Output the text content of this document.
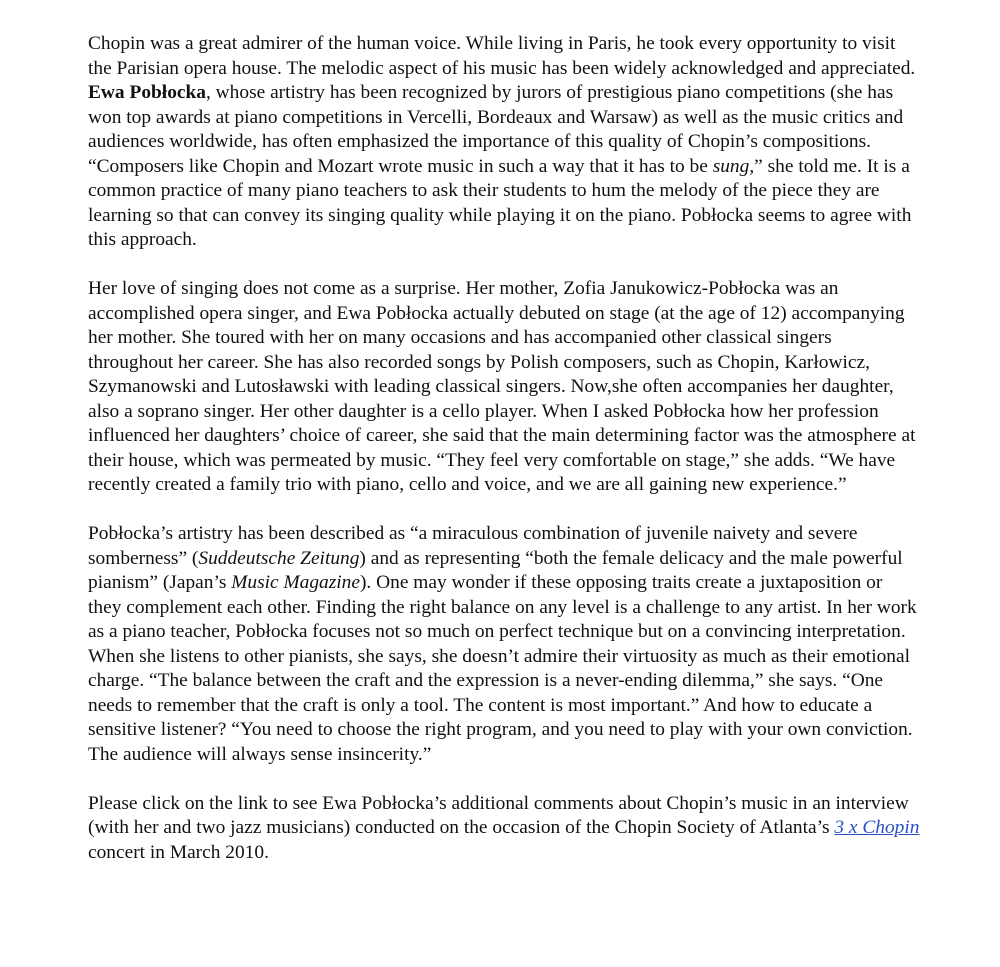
Chopin was a great admirer of the human voice. While living in Paris, he took every opportunity to visit the Parisian opera house. The melodic aspect of his music has been widely acknowledged and appreciated. Ewa Pobłocka, whose artistry has been recognized by jurors of prestigious piano competitions (she has won top awards at piano competitions in Vercelli, Bordeaux and Warsaw) as well as the music critics and audiences worldwide, has often emphasized the importance of this quality of Chopin’s compositions. “Composers like Chopin and Mozart wrote music in such a way that it has to be sung,” she told me. It is a common practice of many piano teachers to ask their students to hum the melody of the piece they are learning so that can convey its singing quality while playing it on the piano. Pobłocka seems to agree with this approach.

Her love of singing does not come as a surprise. Her mother, Zofia Janukowicz-Pobłocka was an accomplished opera singer, and Ewa Pobłocka actually debuted on stage (at the age of 12) accompanying her mother. She toured with her on many occasions and has accompanied other classical singers throughout her career. She has also recorded songs by Polish composers, such as Chopin, Karłowicz, Szymanowski and Lutosławski with leading classical singers. Now,she often accompanies her daughter, also a soprano singer. Her other daughter is a cello player. When I asked Pobłocka how her profession influenced her daughters’ choice of career, she said that the main determining factor was the atmosphere at their house, which was permeated by music. “They feel very comfortable on stage,” she adds. “We have recently created a family trio with piano, cello and voice, and we are all gaining new experience.”

Pobłocka’s artistry has been described as “a miraculous combination of juvenile naivety and severe somberness” (Suddeutsche Zeitung) and as representing “both the female delicacy and the male powerful pianism” (Japan’s Music Magazine). One may wonder if these opposing traits create a juxtaposition or they complement each other. Finding the right balance on any level is a challenge to any artist. In her work as a piano teacher, Pobłocka focuses not so much on perfect technique but on a convincing interpretation. When she listens to other pianists, she says, she doesn’t admire their virtuosity as much as their emotional charge. “The balance between the craft and the expression is a never-ending dilemma,” she says. “One needs to remember that the craft is only a tool. The content is most important.” And how to educate a sensitive listener? “You need to choose the right program, and you need to play with your own conviction. The audience will always sense insincerity.”

Please click on the link to see Ewa Pobłocka’s additional comments about Chopin’s music in an interview (with her and two jazz musicians) conducted on the occasion of the Chopin Society of Atlanta’s 3 x Chopin concert in March 2010.
